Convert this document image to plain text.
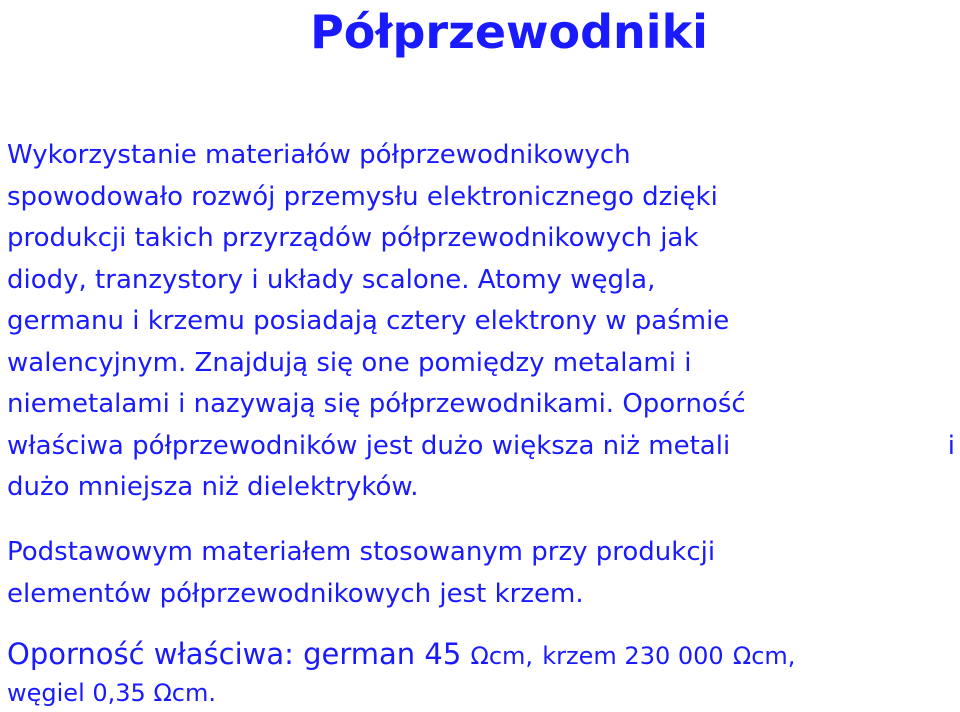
Półprzewodniki
Wykorzystanie materiałów półprzewodnikowych
spowodowało rozwój przemysłu elektronicznego dzięki
produkcji takich przyrządów półprzewodnikowych jak
diody, tranzystory i układy scalone. Atomy węgla,
germanu i krzemu posiadają cztery elektrony w paśmie
walencyjnym. Znajdują się one pomiędzy metalami i
niemetalami i nazywają się półprzewodnikami. Oporność
właściwa półprzewodników jest dużo większa niż metali	i
dużo mniejsza niż dielektryków.
Podstawowym materiałem stosowanym przy produkcji
elementów półprzewodnikowych jest krzem.
Oporność właściwa: german 45 Ωcm, krzem 230 000 Ωcm,
węgiel 0,35 Ωcm.
